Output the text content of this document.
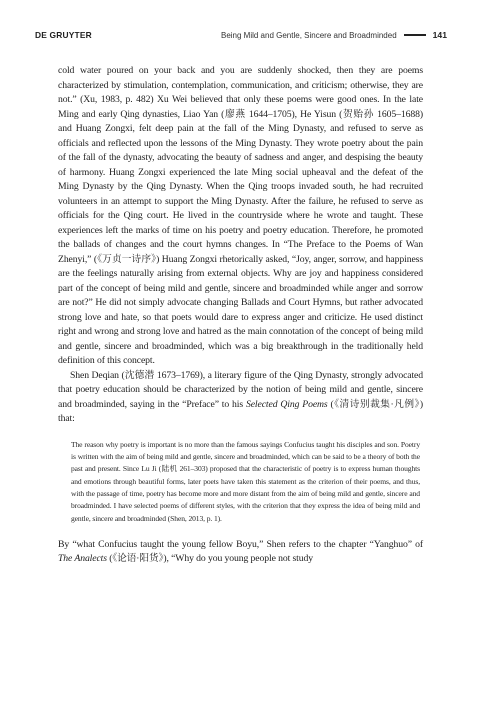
DE GRUYTER	Being Mild and Gentle, Sincere and Broadminded	141

cold water poured on your back and you are suddenly shocked, then they are poems characterized by stimulation, contemplation, communication, and criticism; otherwise, they are not.” (Xu, 1983, p. 482) Xu Wei believed that only these poems were good ones. In the late Ming and early Qing dynasties, Liao Yan (廖燕 1644–1705), He Yisun (贺贻孙 1605–1688) and Huang Zongxi, felt deep pain at the fall of the Ming Dynasty, and refused to serve as officials and reflected upon the lessons of the Ming Dynasty. They wrote poetry about the pain of the fall of the dynasty, advocating the beauty of sadness and anger, and despising the beauty of harmony. Huang Zongxi experienced the late Ming social upheaval and the defeat of the Ming Dynasty by the Qing Dynasty. When the Qing troops invaded south, he had recruited volunteers in an attempt to support the Ming Dynasty. After the failure, he refused to serve as officials for the Qing court. He lived in the countryside where he wrote and taught. These experiences left the marks of time on his poetry and poetry education. Therefore, he promoted the ballads of changes and the court hymns changes. In “The Preface to the Poems of Wan Zhenyi,” (《万贞一诗序》) Huang Zongxi rhetorically asked, “Joy, anger, sorrow, and happiness are the feelings naturally arising from external objects. Why are joy and happiness considered part of the concept of being mild and gentle, sincere and broadminded while anger and sorrow are not?” He did not simply advocate changing Ballads and Court Hymns, but rather advocated strong love and hate, so that poets would dare to express anger and criticize. He used distinct right and wrong and strong love and hatred as the main connotation of the concept of being mild and gentle, sincere and broadminded, which was a big breakthrough in the traditionally held definition of this concept.

Shen Deqian (沈德潜 1673–1769), a literary figure of the Qing Dynasty, strongly advocated that poetry education should be characterized by the notion of being mild and gentle, sincere and broadminded, saying in the “Preface” to his Selected Qing Poems (《清诗别裁集·凡例》) that:

The reason why poetry is important is no more than the famous sayings Confucius taught his disciples and son. Poetry is written with the aim of being mild and gentle, sincere and broadminded, which can be said to be a theory of both the past and present. Since Lu Ji (陆机 261–303) proposed that the characteristic of poetry is to express human thoughts and emotions through beautiful forms, later poets have taken this statement as the criterion of their poems, and thus, with the passage of time, poetry has become more and more distant from the aim of being mild and gentle, sincere and broadminded. I have selected poems of different styles, with the criterion that they express the idea of being mild and gentle, sincere and broadminded (Shen, 2013, p. 1).

By “what Confucius taught the young fellow Boyu,” Shen refers to the chapter “Yanghuo” of The Analects (《论语·阳货》), “Why do you young people not study
